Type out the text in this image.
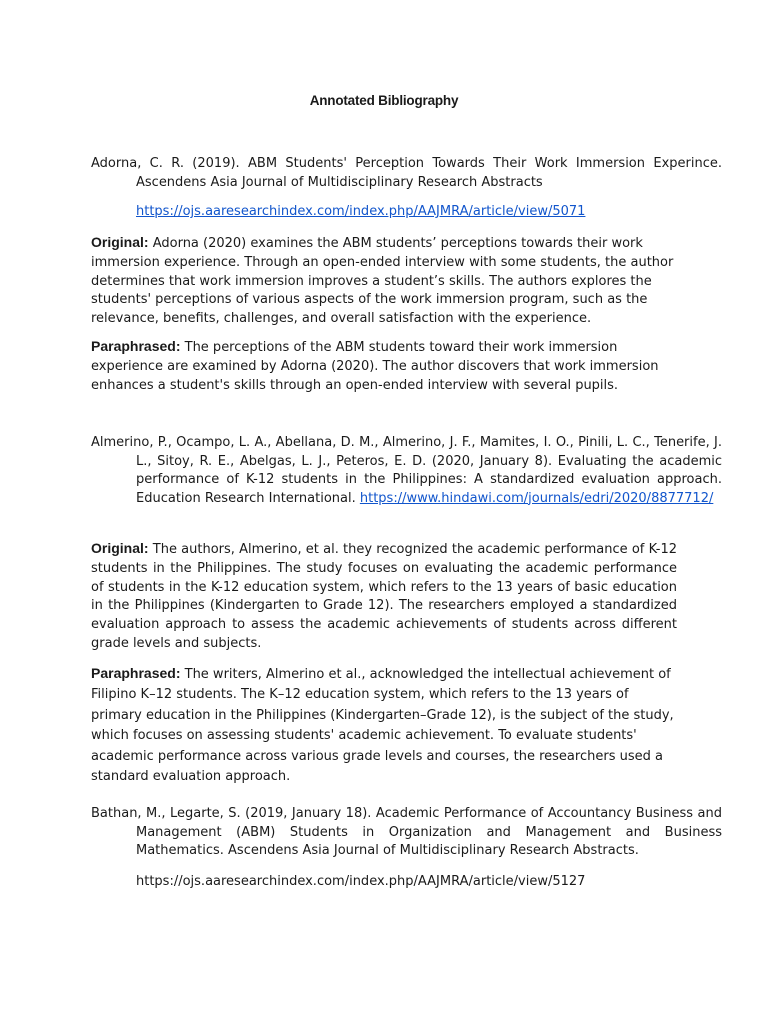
Annotated Bibliography
Adorna, C. R. (2019). ABM Students' Perception Towards Their Work Immersion Experince. Ascendens Asia Journal of Multidisciplinary Research Abstracts
https://ojs.aaresearchindex.com/index.php/AAJMRA/article/view/5071
Original: Adorna (2020) examines the ABM students’ perceptions towards their work immersion experience. Through an open-ended interview with some students, the author determines that work immersion improves a student’s skills. The authors explores the students' perceptions of various aspects of the work immersion program, such as the relevance, benefits, challenges, and overall satisfaction with the experience.
Paraphrased: The perceptions of the ABM students toward their work immersion experience are examined by Adorna (2020). The author discovers that work immersion enhances a student's skills through an open-ended interview with several pupils.
Almerino, P., Ocampo, L. A., Abellana, D. M., Almerino, J. F., Mamites, I. O., Pinili, L. C., Tenerife, J. L., Sitoy, R. E., Abelgas, L. J., Peteros, E. D. (2020, January 8). Evaluating the academic performance of K-12 students in the Philippines: A standardized evaluation approach. Education Research International. https://www.hindawi.com/journals/edri/2020/8877712/
Original: The authors, Almerino, et al. they recognized the academic performance of K-12 students in the Philippines. The study focuses on evaluating the academic performance of students in the K-12 education system, which refers to the 13 years of basic education in the Philippines (Kindergarten to Grade 12). The researchers employed a standardized evaluation approach to assess the academic achievements of students across different grade levels and subjects.
Paraphrased: The writers, Almerino et al., acknowledged the intellectual achievement of Filipino K–12 students. The K–12 education system, which refers to the 13 years of primary education in the Philippines (Kindergarten–Grade 12), is the subject of the study, which focuses on assessing students' academic achievement. To evaluate students' academic performance across various grade levels and courses, the researchers used a standard evaluation approach.
Bathan, M., Legarte, S. (2019, January 18). Academic Performance of Accountancy Business and Management (ABM) Students in Organization and Management and Business Mathematics. Ascendens Asia Journal of Multidisciplinary Research Abstracts.
https://ojs.aaresearchindex.com/index.php/AAJMRA/article/view/5127
